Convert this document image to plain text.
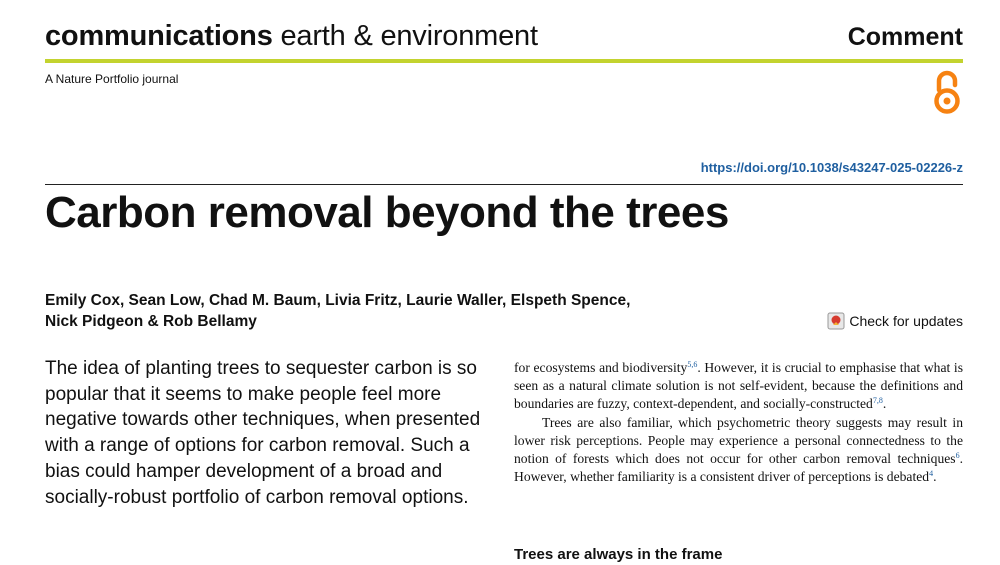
communications earth & environment	Comment
A Nature Portfolio journal
https://doi.org/10.1038/s43247-025-02226-z
Carbon removal beyond the trees
Emily Cox, Sean Low, Chad M. Baum, Livia Fritz, Laurie Waller, Elspeth Spence,
Nick Pidgeon & Rob Bellamy	Check for updates
The idea of planting trees to sequester carbon is so popular that it seems to make people feel more negative towards other techniques, when presented with a range of options for carbon removal. Such a bias could hamper development of a broad and socially-robust portfolio of carbon removal options.

for ecosystems and biodiversity$^{5,6}$. However, it is crucial to emphasise that what is seen as a natural climate solution is not self-evident, because the definitions and boundaries are fuzzy, context-dependent, and socially-constructed$^{7,8}$.

Trees are also familiar, which psychometric theory suggests may result in lower risk perceptions. People may experience a personal connectedness to the notion of forests which does not occur for other carbon removal techniques$^6$. However, whether familiarity is a consistent driver of perceptions is debated$^4$.

Trees are always in the frame
